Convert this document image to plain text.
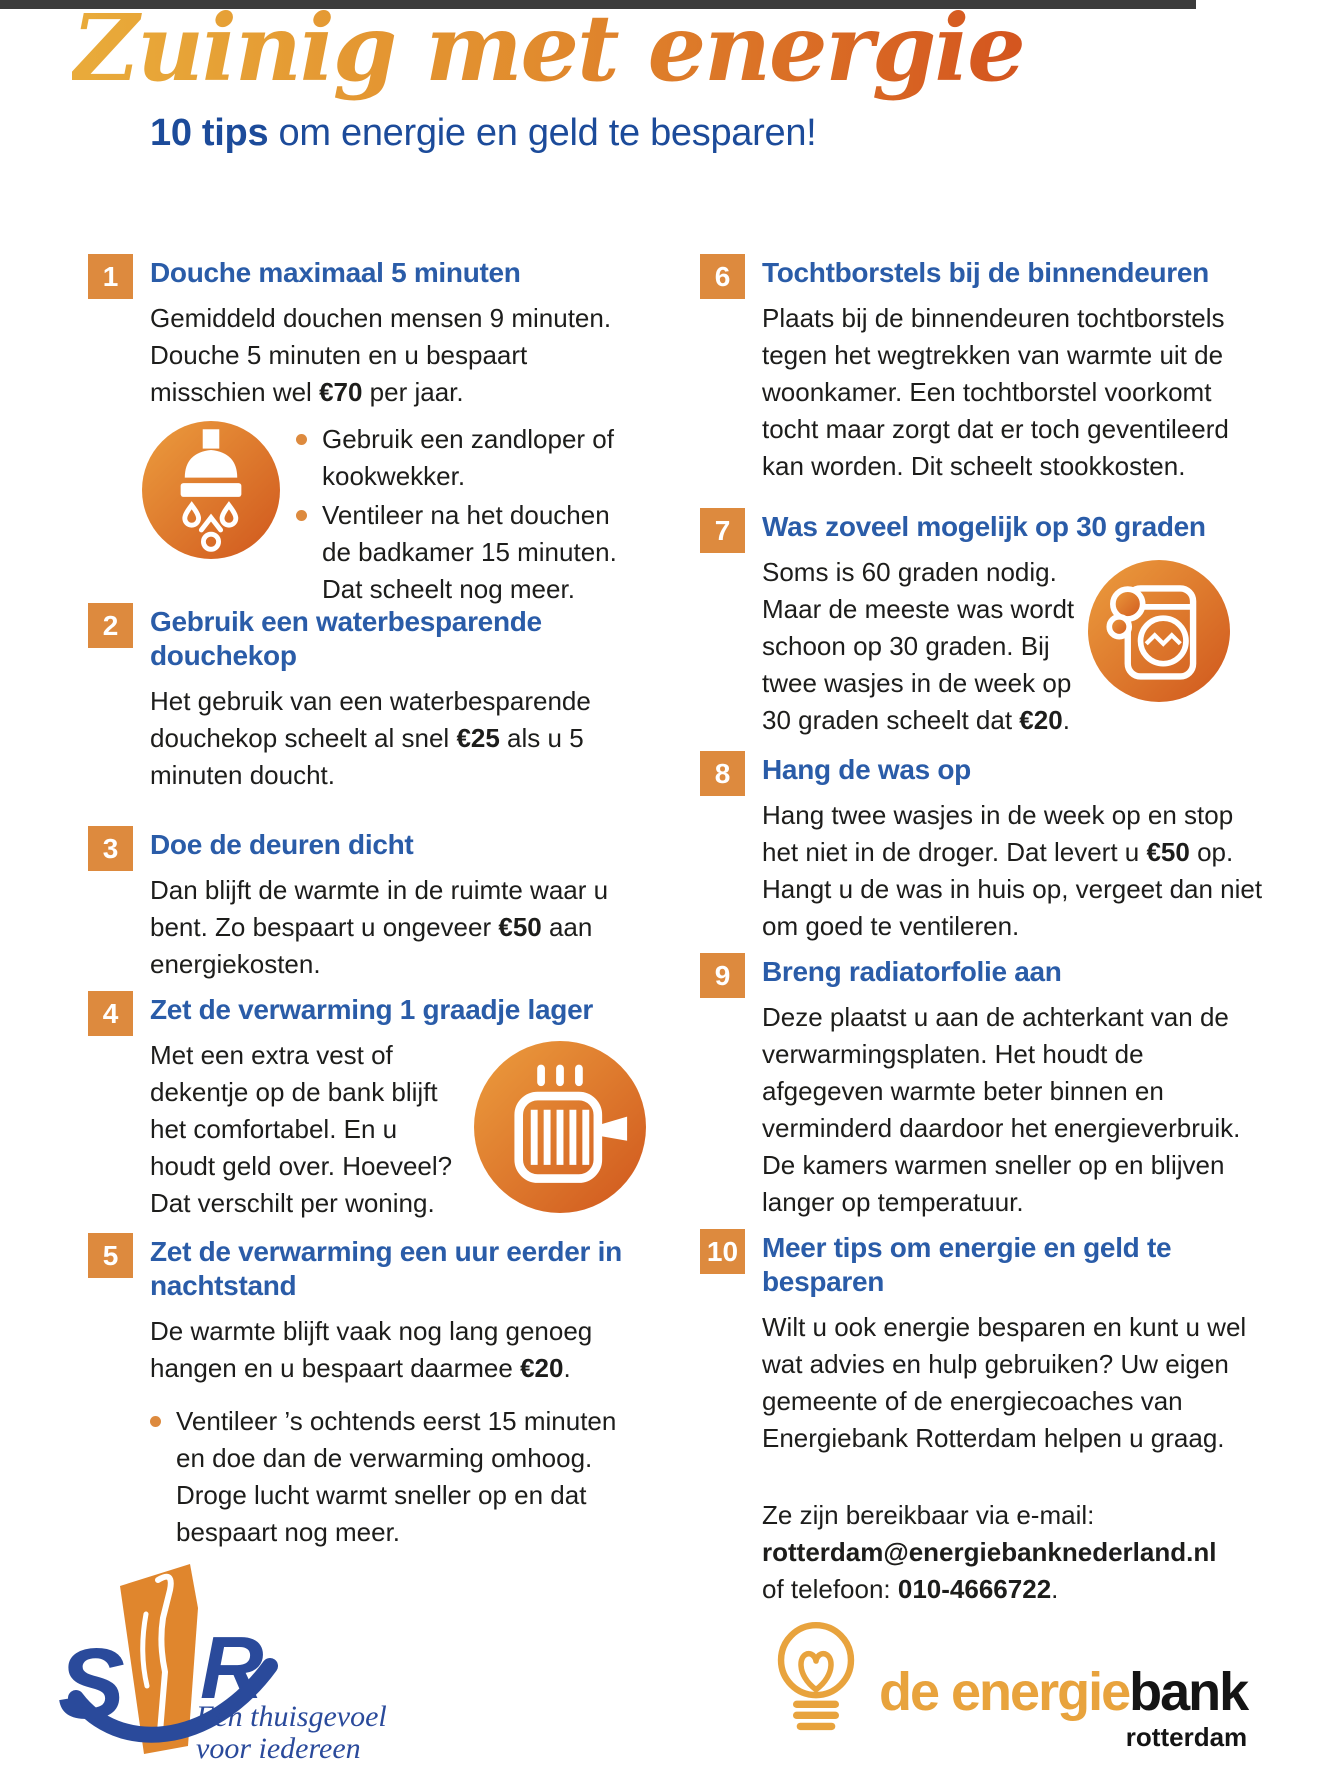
Zuinig met energie
10 tips om energie en geld te besparen!
1	Douche maximaal 5 minuten

Gemiddeld douchen mensen 9 minuten. Douche 5 minuten en u bespaart misschien wel €70 per jaar.

Gebruik een zandloper of kookwekker.
Ventileer na het douchen de badkamer 15 minuten. Dat scheelt nog meer.
2	Gebruik een waterbesparende douchekop

Het gebruik van een waterbesparende douchekop scheelt al snel €25 als u 5 minuten doucht.

3	Doe de deuren dicht

Dan blijft de warmte in de ruimte waar u bent. Zo bespaart u ongeveer €50 aan energiekosten.

4	Zet de verwarming 1 graadje lager

Met een extra vest of dekentje op de bank blijft het comfortabel. En u houdt geld over. Hoeveel? Dat verschilt per woning.

5	Zet de verwarming een uur eerder in nachtstand

De warmte blijft vaak nog lang genoeg hangen en u bespaart daarmee €20.

Ventileer ’s ochtends eerst 15 minuten en doe dan de verwarming omhoog. Droge lucht warmt sneller op en dat bespaart nog meer.
6	Tochtborstels bij de binnendeuren

Plaats bij de binnendeuren tochtborstels tegen het wegtrekken van warmte uit de woonkamer. Een tochtborstel voorkomt tocht maar zorgt dat er toch geventileerd kan worden. Dit scheelt stookkosten.

7	Was zoveel mogelijk op 30 graden

Soms is 60 graden nodig. Maar de meeste was wordt schoon op 30 graden. Bij twee wasjes in de week op 30 graden scheelt dat €20.

8	Hang de was op

Hang twee wasjes in de week op en stop het niet in de droger. Dat levert u €50 op. Hangt u de was in huis op, vergeet dan niet om goed te ventileren.

9	Breng radiatorfolie aan

Deze plaatst u aan de achterkant van de verwarmingsplaten. Het houdt de afgegeven warmte beter binnen en verminderd daardoor het energieverbruik. De kamers warmen sneller op en blijven langer op temperatuur.

10 Meer tips om energie en geld te besparen

Wilt u ook energie besparen en kunt u wel wat advies en hulp gebruiken? Uw eigen gemeente of de energiecoaches van Energiebank Rotterdam helpen u graag.

Ze zijn bereikbaar via e-mail:
rotterdam@energiebanknederland.nl
of telefoon: 010-4666722.

S R
Een thuisgevoel
voor iedereen
de energiebank
rotterdam
